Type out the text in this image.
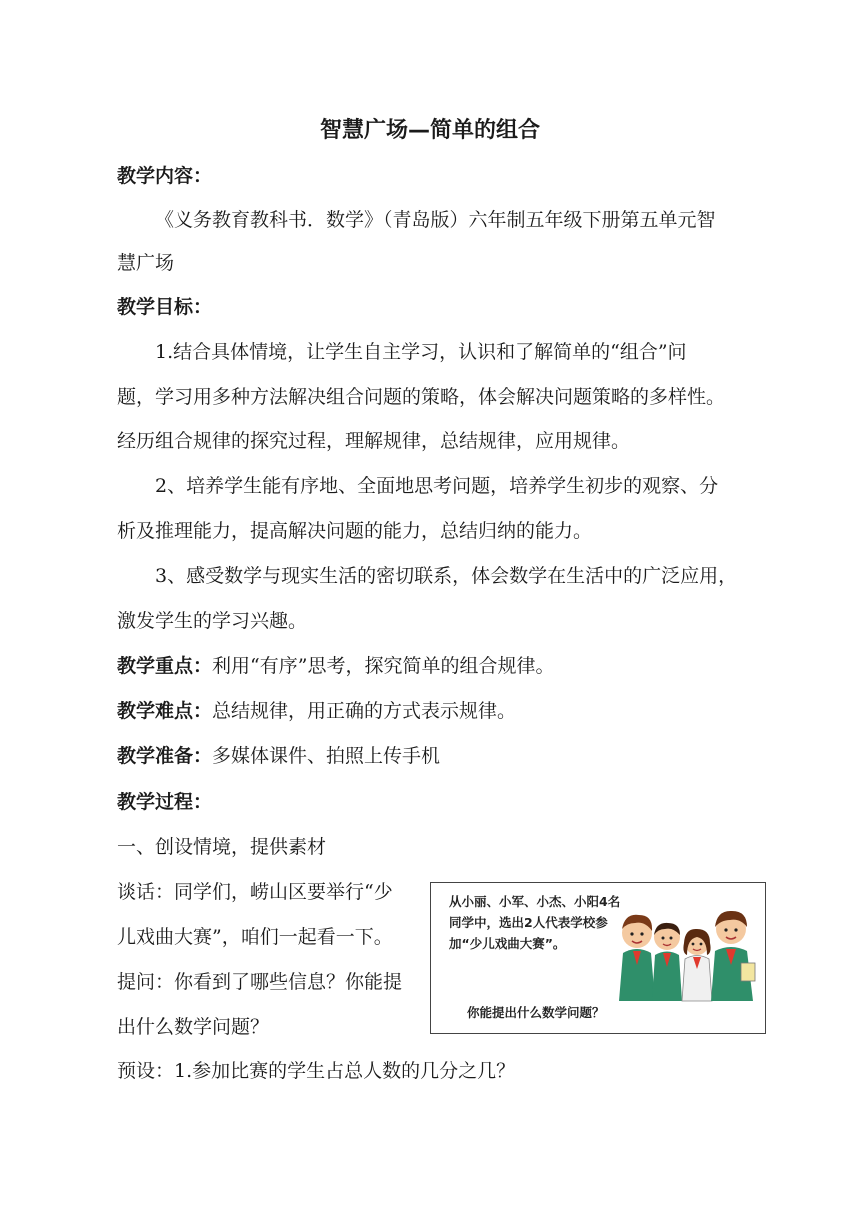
智慧广场—简单的组合
教学内容：
《义务教育教科书．数学》（青岛版）六年制五年级下册第五单元智
慧广场
教学目标：
1.结合具体情境，让学生自主学习，认识和了解简单的“组合”问
题，学习用多种方法解决组合问题的策略，体会解决问题策略的多样性。
经历组合规律的探究过程，理解规律，总结规律，应用规律。
2、培养学生能有序地、全面地思考问题，培养学生初步的观察、分
析及推理能力，提高解决问题的能力，总结归纳的能力。
3、感受数学与现实生活的密切联系，体会数学在生活中的广泛应用，
激发学生的学习兴趣。
教学重点：利用“有序”思考，探究简单的组合规律。
教学难点：总结规律，用正确的方式表示规律。
教学准备：多媒体课件、拍照上传手机
教学过程：
一、创设情境，提供素材
谈话：同学们，崂山区要举行“少
儿戏曲大赛”，咱们一起看一下。
提问：你看到了哪些信息？你能提
出什么数学问题？
预设：1.参加比赛的学生占总人数的几分之几？
从小丽、小军、小杰、小阳4名同学中，选出2人代表学校参加“少儿戏曲大赛”。
你能提出什么数学问题？
